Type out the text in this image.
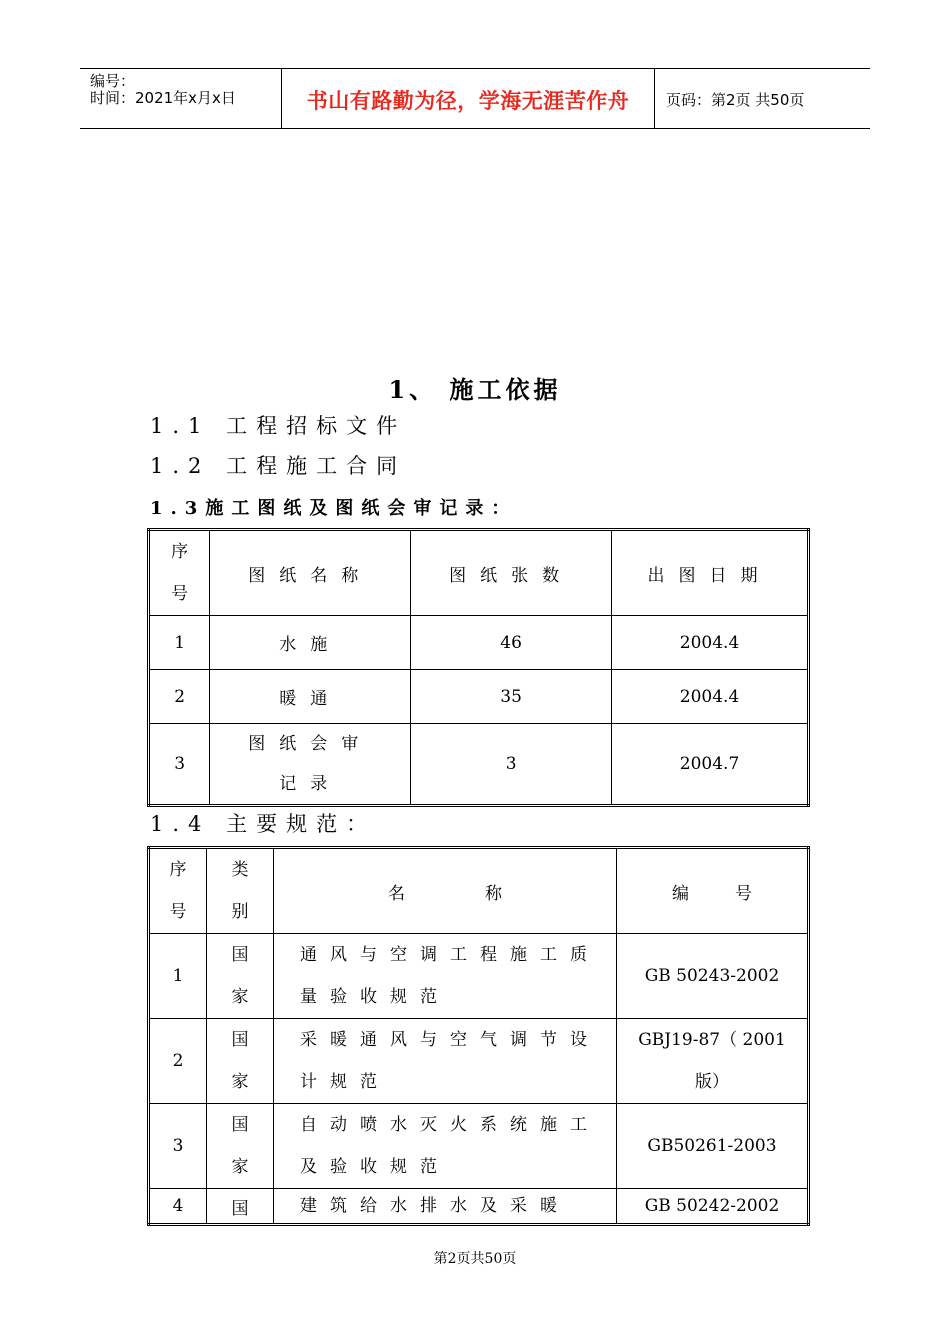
编号：
时间：2021年x月x日	书山有路勤为径，学海无涯苦作舟	页码：第2页 共50页
1、 施工依据
1.1 工程招标文件
1.2 工程施工合同
1.3施工图纸及图纸会审记录：
序号	图纸名称	图纸张数	出图日期
1	水施	46	2004.4
2	暖通	35	2004.4
3	图纸会审记录	3	2004.7
1.4 主要规范：
序号	类别	名称	编号
1	国家	通风与空调工程施工质量验收规范	GB 50243-2002
2	国家	采暖通风与空气调节设计规范	GBJ19-87（ 2001版）

3	国家	自动喷水灭火系统施工及验收规范	GB50261-2003
4	国	建筑给水排水及采暖	GB 50242-2002
第2页共50页
